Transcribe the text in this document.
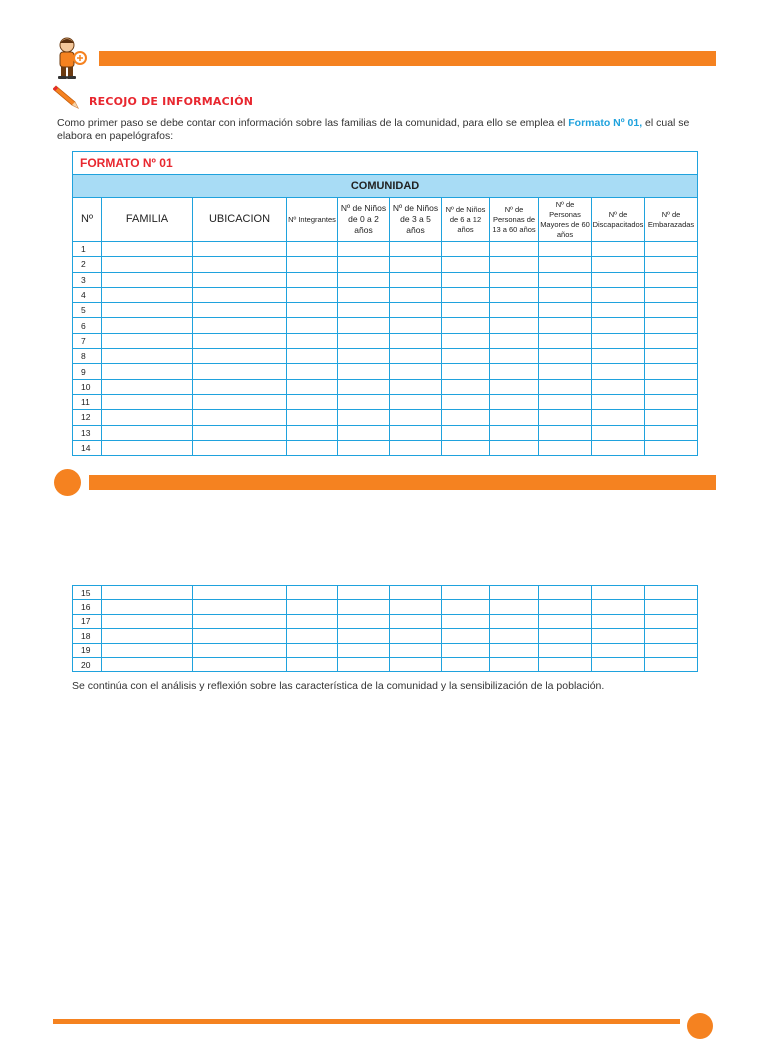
RECOJO DE INFORMACIÓN
Como primer paso se debe contar con información sobre las familias de la comunidad, para ello se emplea el Formato Nº 01, el cual se elabora en papelógrafos:
FORMATO Nº 01										
COMUNIDAD										
Nº	FAMILIA	UBICACION	Nº Integrantes	Nº de Niños de 0 a 2 años	Nº de Niños de 3 a 5 años	Nº de Niños de 6 a 12 años	Nº de Personas de 13 a 60 años	Nº de Personas Mayores de 60 años	Nº de Discapacitados	Nº de Embarazadas
1										
2										
3										
4										
5										
6										
7										
8										
9										
10										
11										
12										
13										
14										
15										
16										
17										
18										
19										
20										
Se continúa con el análisis y reflexión sobre las característica de la comunidad y la sensibilización de la población.
